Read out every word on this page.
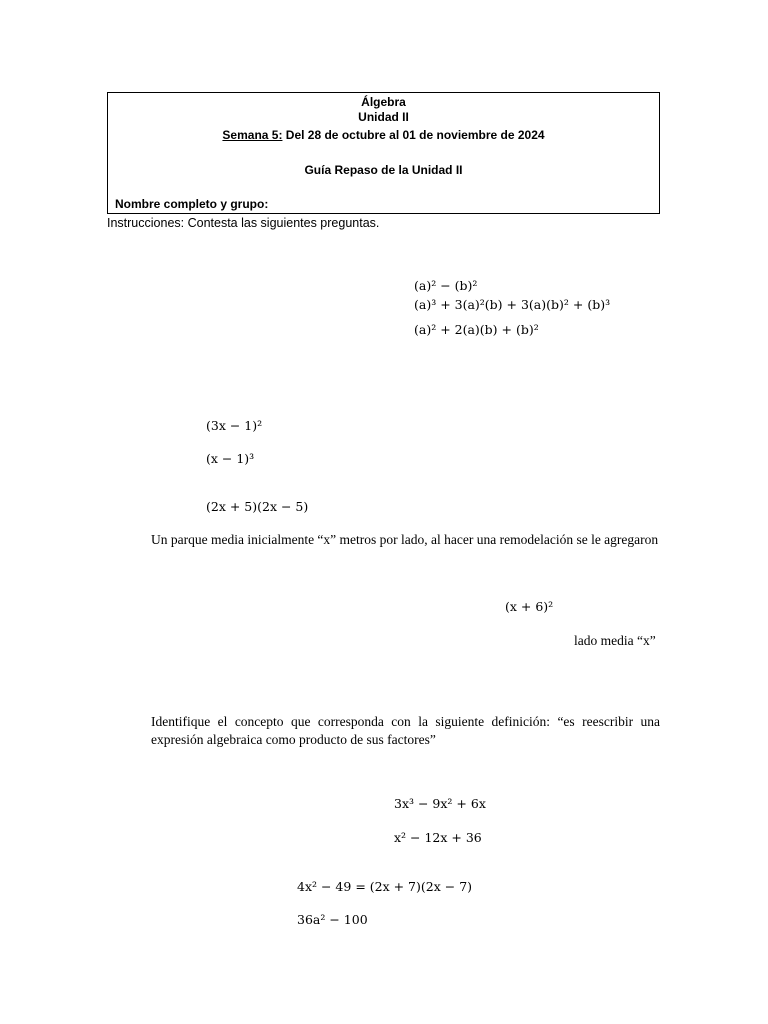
Álgebra
Unidad II
Semana 5: Del 28 de octubre al 01 de noviembre de 2024
Guía Repaso de la Unidad II
Nombre completo y grupo:
Instrucciones: Contesta las siguientes preguntas.
(a)² − (b)²
(a)³ + 3(a)²(b) + 3(a)(b)² + (b)³
(a)² + 2(a)(b) + (b)²
(3x − 1)²
(x − 1)³
(2x + 5)(2x − 5)
Un parque media inicialmente “x” metros por lado, al hacer una remodelación se le agregaron
(x + 6)²
lado media “x”
Identifique el concepto que corresponda con la siguiente definición: “es reescribir una
expresión algebraica como producto de sus factores”
3x³ − 9x² + 6x
x² − 12x + 36
4x² − 49 = (2x + 7)(2x − 7)
36a² − 100
